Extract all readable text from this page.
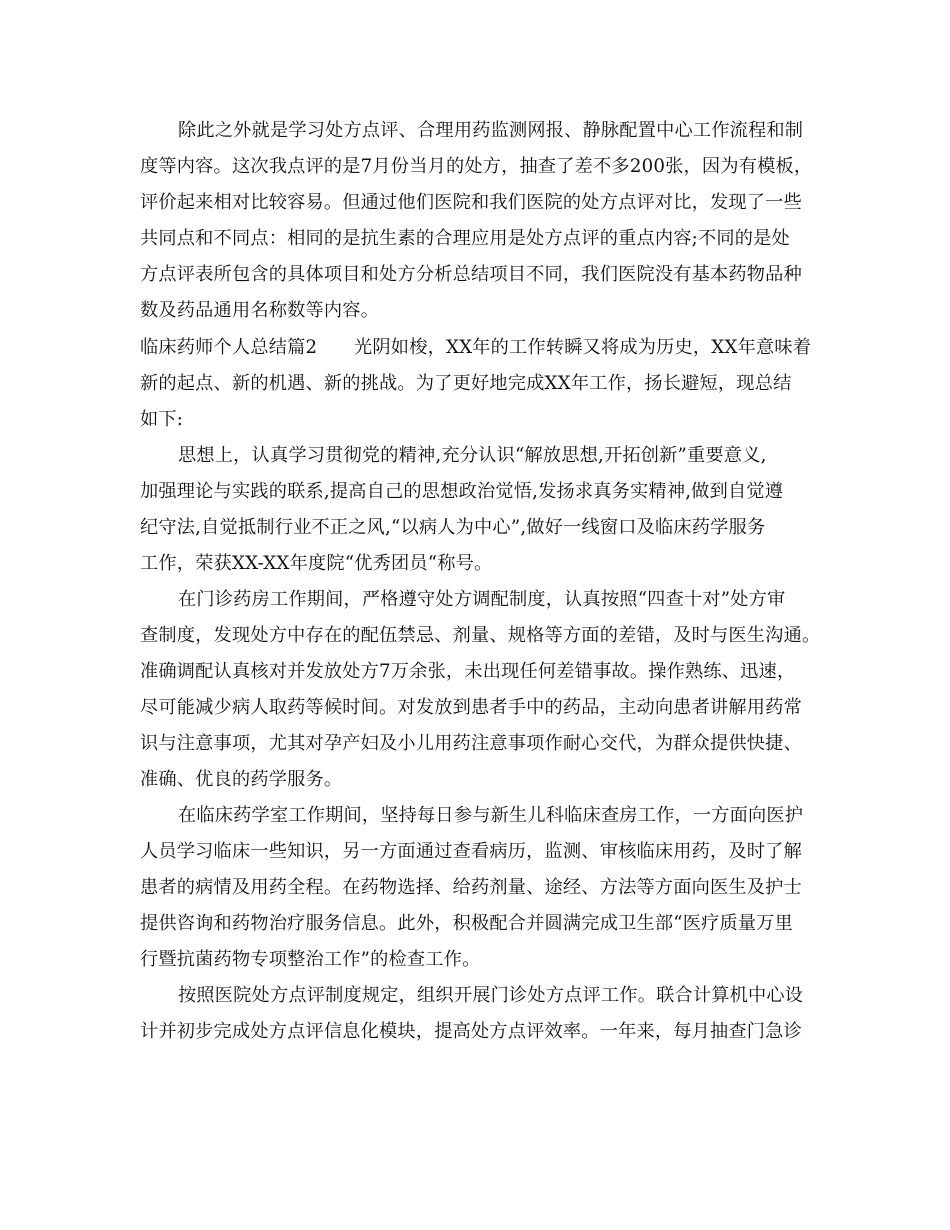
除此之外就是学习处方点评、合理用药监测网报、静脉配置中心工作流程和制
度等内容。这次我点评的是7月份当月的处方，抽查了差不多200张，因为有模板，
评价起来相对比较容易。但通过他们医院和我们医院的处方点评对比，发现了一些
共同点和不同点：相同的是抗生素的合理应用是处方点评的重点内容;不同的是处
方点评表所包含的具体项目和处方分析总结项目不同，我们医院没有基本药物品种
数及药品通用名称数等内容。
临床药师个人总结篇2　　光阴如梭，XX年的工作转瞬又将成为历史，XX年意味着
新的起点、新的机遇、新的挑战。为了更好地完成XX年工作，扬长避短，现总结
如下:
思想上，认真学习贯彻党的精神,充分认识“解放思想,开拓创新”重要意义,
加强理论与实践的联系,提高自己的思想政治觉悟,发扬求真务实精神,做到自觉遵
纪守法,自觉抵制行业不正之风,“以病人为中心”,做好一线窗口及临床药学服务
工作，荣获XX-XX年度院“优秀团员“称号。
在门诊药房工作期间，严格遵守处方调配制度，认真按照“四查十对”处方审
查制度，发现处方中存在的配伍禁忌、剂量、规格等方面的差错，及时与医生沟通。
准确调配认真核对并发放处方7万余张，未出现任何差错事故。操作熟练、迅速，
尽可能减少病人取药等候时间。对发放到患者手中的药品，主动向患者讲解用药常
识与注意事项，尤其对孕产妇及小儿用药注意事项作耐心交代，为群众提供快捷、
准确、优良的药学服务。
在临床药学室工作期间，坚持每日参与新生儿科临床查房工作，一方面向医护
人员学习临床一些知识，另一方面通过查看病历，监测、审核临床用药，及时了解
患者的病情及用药全程。在药物选择、给药剂量、途经、方法等方面向医生及护士
提供咨询和药物治疗服务信息。此外，积极配合并圆满完成卫生部“医疗质量万里
行暨抗菌药物专项整治工作”的检查工作。
按照医院处方点评制度规定，组织开展门诊处方点评工作。联合计算机中心设
计并初步完成处方点评信息化模块，提高处方点评效率。一年来，每月抽查门急诊
